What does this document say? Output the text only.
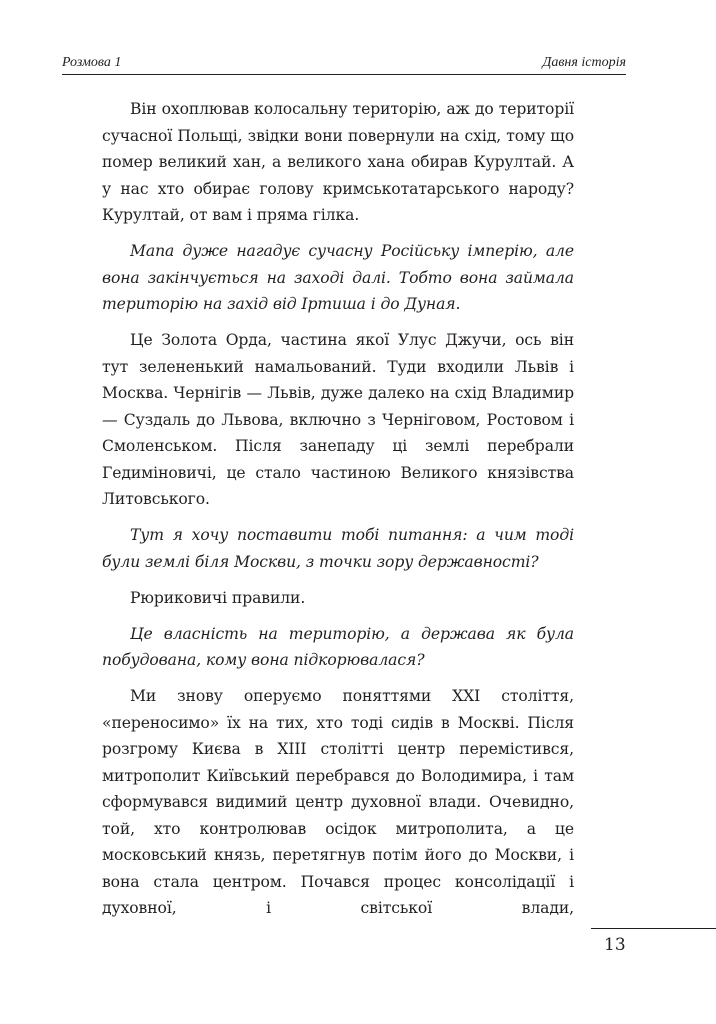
Розмова 1	Давня історія

Він охоплював колосальну територію, аж до території сучасної Польщі, звідки вони повернули на схід, тому що помер великий хан, а великого хана обирав Курултай. А у нас хто обирає голову кримськотатарського народу? Курултай, от вам і пряма гілка.

Мапа дуже нагадує сучасну Російську імперію, але вона закінчується на заході далі. Тобто вона займала територію на захід від Іртиша і до Дуная.

Це Золота Орда, частина якої Улус Джучи, ось він тут зелененький намальований. Туди входили Львів і Москва. Чернігів — Львів, дуже далеко на схід Владимир — Суздаль до Львова, включно з Черніговом, Ростовом і Смоленськом. Після занепаду ці землі перебрали Гедиміновичі, це стало частиною Великого князівства Литовського.

Тут я хочу поставити тобі питання: а чим тоді були землі біля Москви, з точки зору державності?

Рюриковичі правили.

Це власність на територію, а держава як була побудована, кому вона підкорювалася?

Ми знову оперуємо поняттями XXI століття, «переносимо» їх на тих, хто тоді сидів в Москві. Після розгрому Києва в XIII столітті центр перемістився, митрополит Київський перебрався до Володимира, і там сформувався видимий центр духовної влади. Очевидно, той, хто контролював осідок митрополита, а це московський князь, перетягнув потім його до Москви, і вона стала центром. Почався процес консолідації і духовної, і світської влади,

13
